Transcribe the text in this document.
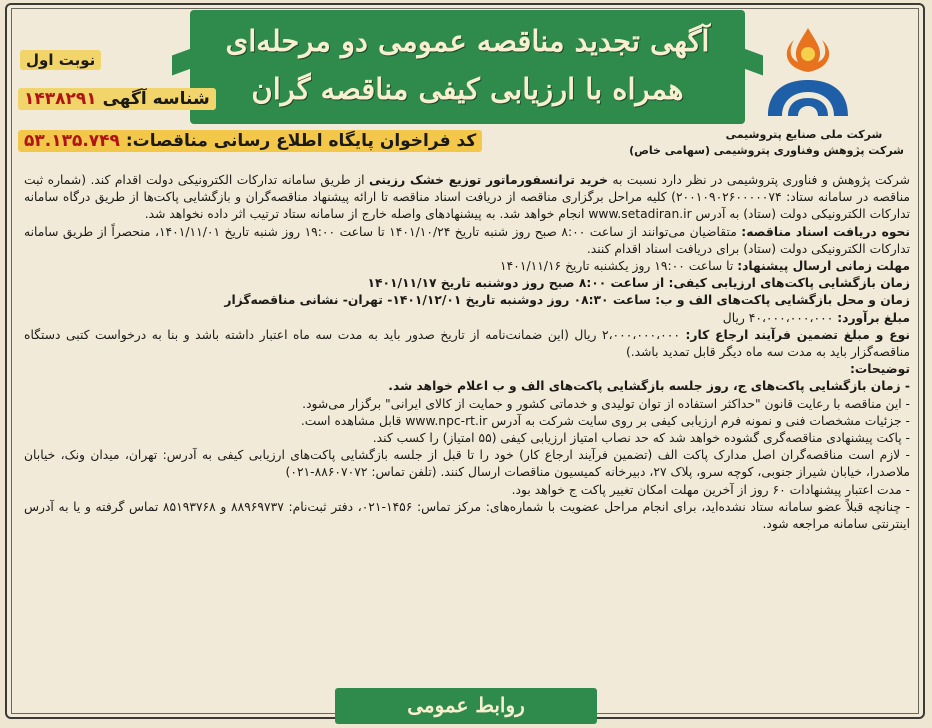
آگهی تجدید مناقصه عمومی دو مرحله‌ای
همراه با ارزیابی کیفی مناقصه گران
شرکت ملی صنایع پتروشیمی
شرکت پژوهش وفناوری پتروشیمی (سهامی خاص)
نوبت اول
شناسه آگهی ۱۴۳۸۲۹۱
کد فراخوان پایگاه اطلاع رسانی مناقصات: ۵۳.۱۳۵.۷۴۹

شرکت پژوهش و فناوری پتروشیمی در نظر دارد نسبت به خرید ترانسفورماتور توزیع خشک رزینی از طریق سامانه تدارکات الکترونیکی دولت اقدام کند. (شماره ثبت مناقصه در سامانه ستاد: ۲۰۰۱۰۹۰۲۶۰۰۰۰۰۷۴) کلیه مراحل برگزاری مناقصه از دریافت اسناد مناقصه تا ارائه پیشنهاد مناقصه‌گران و بازگشایی پاکت‌ها از طریق درگاه سامانه تدارکات الکترونیکی دولت (ستاد) به آدرس www.setadiran.ir انجام خواهد شد. به پیشنهادهای واصله خارج از سامانه ستاد ترتیب اثر داده نخواهد شد.

نحوه دریافت اسناد مناقصه: متقاضیان می‌توانند از ساعت ۸:۰۰ صبح روز شنبه تاریخ ۱۴۰۱/۱۰/۲۴ تا ساعت ۱۹:۰۰ روز شنبه تاریخ ۱۴۰۱/۱۱/۰۱، منحصراً از طریق سامانه تدارکات الکترونیکی دولت (ستاد) برای دریافت اسناد اقدام کنند.

مهلت زمانی ارسال پیشنهاد: تا ساعت ۱۹:۰۰ روز یکشنبه تاریخ ۱۴۰۱/۱۱/۱۶

زمان بازگشایی پاکت‌های ارزیابی کیفی: از ساعت ۸:۰۰ صبح روز دوشنبه تاریخ ۱۴۰۱/۱۱/۱۷

زمان و محل بازگشایی پاکت‌های الف و ب: ساعت ۰۸:۳۰ روز دوشنبه تاریخ ۱۴۰۱/۱۲/۰۱- تهران- نشانی مناقصه‌گزار

مبلغ برآورد: ۴۰،۰۰۰،۰۰۰،۰۰۰ ریال

نوع و مبلغ تضمین فرآیند ارجاع کار: ۲،۰۰۰،۰۰۰،۰۰۰ ریال (این ضمانت‌نامه از تاریخ صدور باید به مدت سه ماه اعتبار داشته باشد و بنا به درخواست کتبی دستگاه مناقصه‌گزار باید به مدت سه ماه دیگر قابل تمدید باشد.)

توضیحات:

- زمان بازگشایی پاکت‌های ج، روز جلسه بازگشایی پاکت‌های الف و ب اعلام خواهد شد.

- این مناقصه با رعایت قانون "حداکثر استفاده از توان تولیدی و خدماتی کشور و حمایت از کالای ایرانی" برگزار می‌شود.

- جزئیات مشخصات فنی و نمونه فرم ارزیابی کیفی بر روی سایت شرکت به آدرس www.npc-rt.ir قابل مشاهده است.

- پاکت پیشنهادی مناقصه‌گری گشوده خواهد شد که حد نصاب امتیاز ارزیابی کیفی (۵۵ امتیاز) را کسب کند.

- لازم است مناقصه‌گران اصل مدارک پاکت الف (تضمین فرآیند ارجاع کار) خود را تا قبل از جلسه بازگشایی پاکت‌های ارزیابی کیفی به آدرس: تهران، میدان ونک، خیابان ملاصدرا، خیابان شیراز جنوبی، کوچه سرو، پلاک ۲۷، دبیرخانه کمیسیون مناقصات ارسال کنند. (تلفن تماس: ۸۸۶۰۷۰۷۲-۰۲۱)

- مدت اعتبار پیشنهادات ۶۰ روز از آخرین مهلت امکان تغییر پاکت ج خواهد بود.

- چنانچه قبلاً عضو سامانه ستاد نشده‌اید، برای انجام مراحل عضویت با شماره‌های: مرکز تماس: ۱۴۵۶-۰۲۱، دفتر ثبت‌نام: ۸۸۹۶۹۷۳۷ و ۸۵۱۹۳۷۶۸ تماس گرفته و یا به آدرس اینترنتی سامانه مراجعه شود.

روابط عمومی
